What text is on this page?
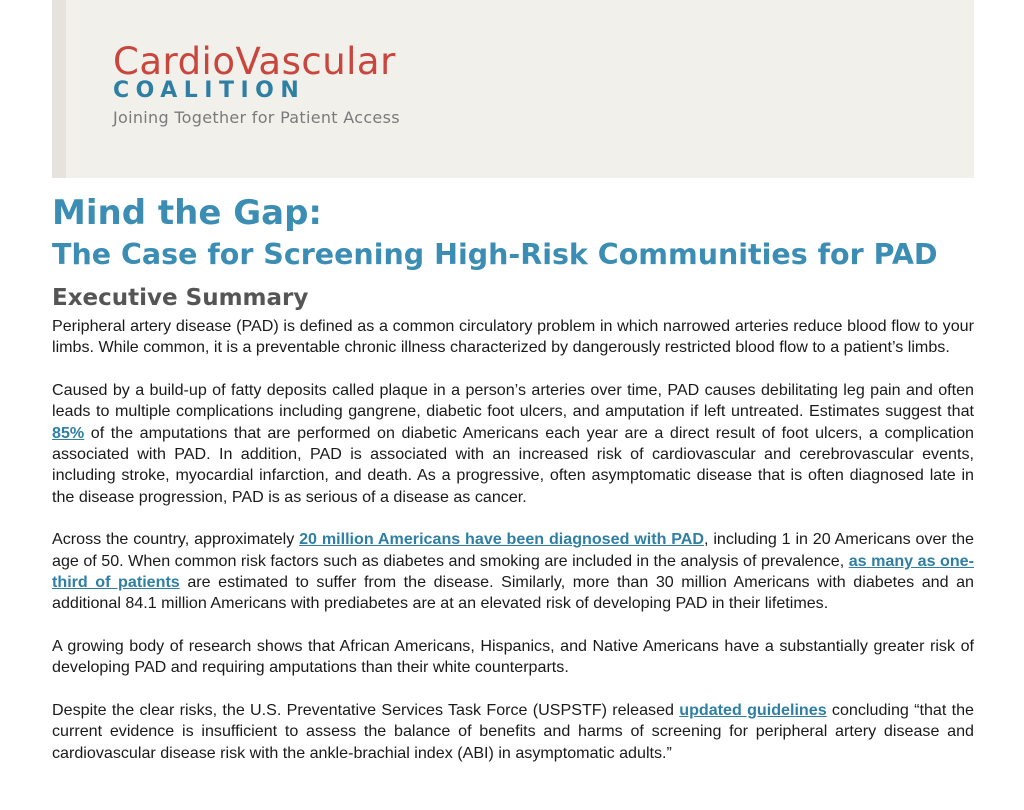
CardioVascular
COALITION
Joining Together for Patient Access
Mind the Gap:
The Case for Screening High-Risk Communities for PAD
Executive Summary

Peripheral artery disease (PAD) is defined as a common circulatory problem in which narrowed arteries reduce blood flow to your limbs. While common, it is a preventable chronic illness characterized by dangerously restricted blood flow to a patient’s limbs.

Caused by a build-up of fatty deposits called plaque in a person’s arteries over time, PAD causes debilitating leg pain and often leads to multiple complications including gangrene, diabetic foot ulcers, and amputation if left untreated. Estimates suggest that 85% of the amputations that are performed on diabetic Americans each year are a direct result of foot ulcers, a complication associated with PAD. In addition, PAD is associated with an increased risk of cardiovascular and cerebrovascular events, including stroke, myocardial infarction, and death. As a progressive, often asymptomatic disease that is often diagnosed late in the disease progression, PAD is as serious of a disease as cancer.

Across the country, approximately 20 million Americans have been diagnosed with PAD, including 1 in 20 Americans over the age of 50. When common risk factors such as diabetes and smoking are included in the analysis of prevalence, as many as one-third of patients are estimated to suffer from the disease. Similarly, more than 30 million Americans with diabetes and an additional 84.1 million Americans with prediabetes are at an elevated risk of developing PAD in their lifetimes.

A growing body of research shows that African Americans, Hispanics, and Native Americans have a substantially greater risk of developing PAD and requiring amputations than their white counterparts.

Despite the clear risks, the U.S. Preventative Services Task Force (USPSTF) released updated guidelines concluding “that the current evidence is insufficient to assess the balance of benefits and harms of screening for peripheral artery disease and cardiovascular disease risk with the ankle-brachial index (ABI) in asymptomatic adults.”
